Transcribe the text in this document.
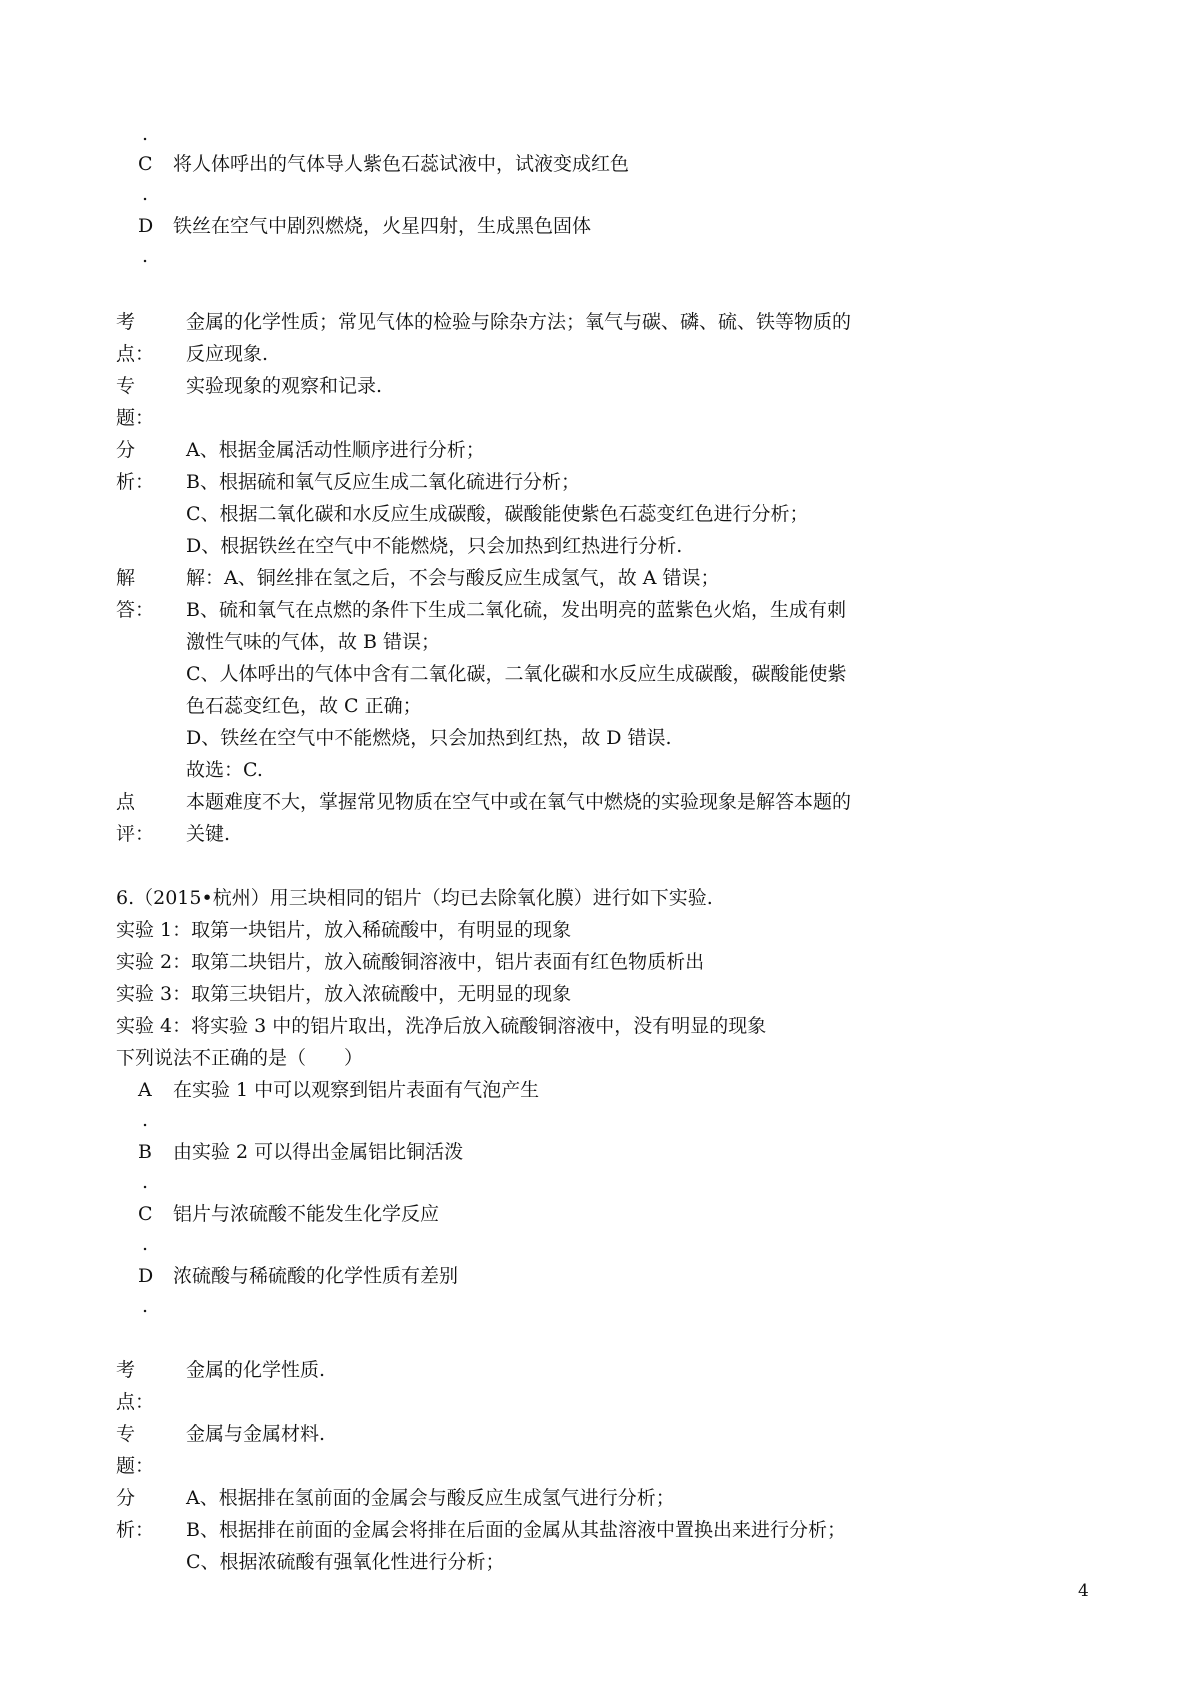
.
C 将人体呼出的气体导人紫色石蕊试液中，试液变成红色
.
D 铁丝在空气中剧烈燃烧，火星四射，生成黑色固体
.
考
点：
金属的化学性质；常见气体的检验与除杂方法；氧气与碳、磷、硫、铁等物质的
反应现象.
专
题：
实验现象的观察和记录.
分
析：
A、根据金属活动性顺序进行分析；
B、根据硫和氧气反应生成二氧化硫进行分析；
C、根据二氧化碳和水反应生成碳酸，碳酸能使紫色石蕊变红色进行分析；
D、根据铁丝在空气中不能燃烧，只会加热到红热进行分析.
解
答：
解：A、铜丝排在氢之后，不会与酸反应生成氢气，故 A 错误；
B、硫和氧气在点燃的条件下生成二氧化硫，发出明亮的蓝紫色火焰，生成有刺
激性气味的气体，故 B 错误；
C、人体呼出的气体中含有二氧化碳，二氧化碳和水反应生成碳酸，碳酸能使紫
色石蕊变红色，故 C 正确；
D、铁丝在空气中不能燃烧，只会加热到红热，故 D 错误.
故选：C.
点
评：
本题难度不大，掌握常见物质在空气中或在氧气中燃烧的实验现象是解答本题的
关键.
6.（2015•杭州）用三块相同的铝片（均已去除氧化膜）进行如下实验.
实验 1：取第一块铝片，放入稀硫酸中，有明显的现象
实验 2：取第二块铝片，放入硫酸铜溶液中，铝片表面有红色物质析出
实验 3：取第三块铝片，放入浓硫酸中，无明显的现象
实验 4：将实验 3 中的铝片取出，洗净后放入硫酸铜溶液中，没有明显的现象
下列说法不正确的是（　　）
A 在实验 1 中可以观察到铝片表面有气泡产生
.
B 由实验 2 可以得出金属铝比铜活泼
.
C 铝片与浓硫酸不能发生化学反应
.
D 浓硫酸与稀硫酸的化学性质有差别
.
考
点：
金属的化学性质.
专
题：
金属与金属材料.
分
析：
A、根据排在氢前面的金属会与酸反应生成氢气进行分析；
B、根据排在前面的金属会将排在后面的金属从其盐溶液中置换出来进行分析；
C、根据浓硫酸有强氧化性进行分析；
4
